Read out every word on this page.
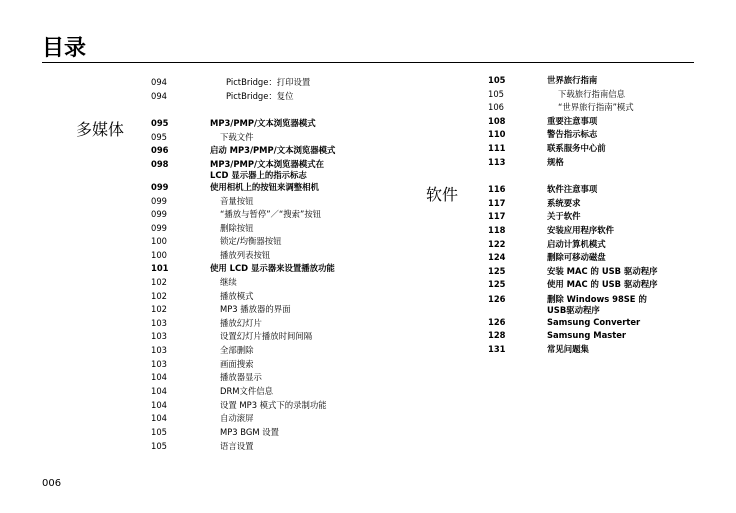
目录
多媒体
软件
094	PictBridge：打印设置
094	PictBridge：复位
095	MP3/PMP/文本浏览器模式
095	下载文件
096	启动 MP3/PMP/文本浏览器模式
098	MP3/PMP/文本浏览器模式在
LCD 显示器上的指示标志
099	使用相机上的按钮来调整相机
099	音量按钮
099	“播放与暂停”／“搜索”按钮
099	删除按钮
100	锁定/均衡器按钮
100	播放列表按钮
101	使用 LCD 显示器来设置播放功能
102	继续
102	播放模式
102	MP3 播放器的界面
103	播放幻灯片
103	设置幻灯片播放时间间隔
103	全部删除
103	画面搜索
104	播放器显示
104	DRM文件信息
104	设置 MP3 模式下的录制功能
104	自动滚屏
105	MP3 BGM 设置
105	语言设置
105	世界旅行指南
105	下载旅行指南信息
106	“世界旅行指南”模式
108	重要注意事项
110	警告指示标志
111	联系服务中心前
113	规格
116	软件注意事项
117	系统要求
117	关于软件
118	安装应用程序软件
122	启动计算机模式
124	删除可移动磁盘
125	安装 MAC 的 USB 驱动程序
125	使用 MAC 的 USB 驱动程序
126	删除 Windows 98SE 的
USB驱动程序
126	Samsung Converter
128	Samsung Master
131	常见问题集
006
